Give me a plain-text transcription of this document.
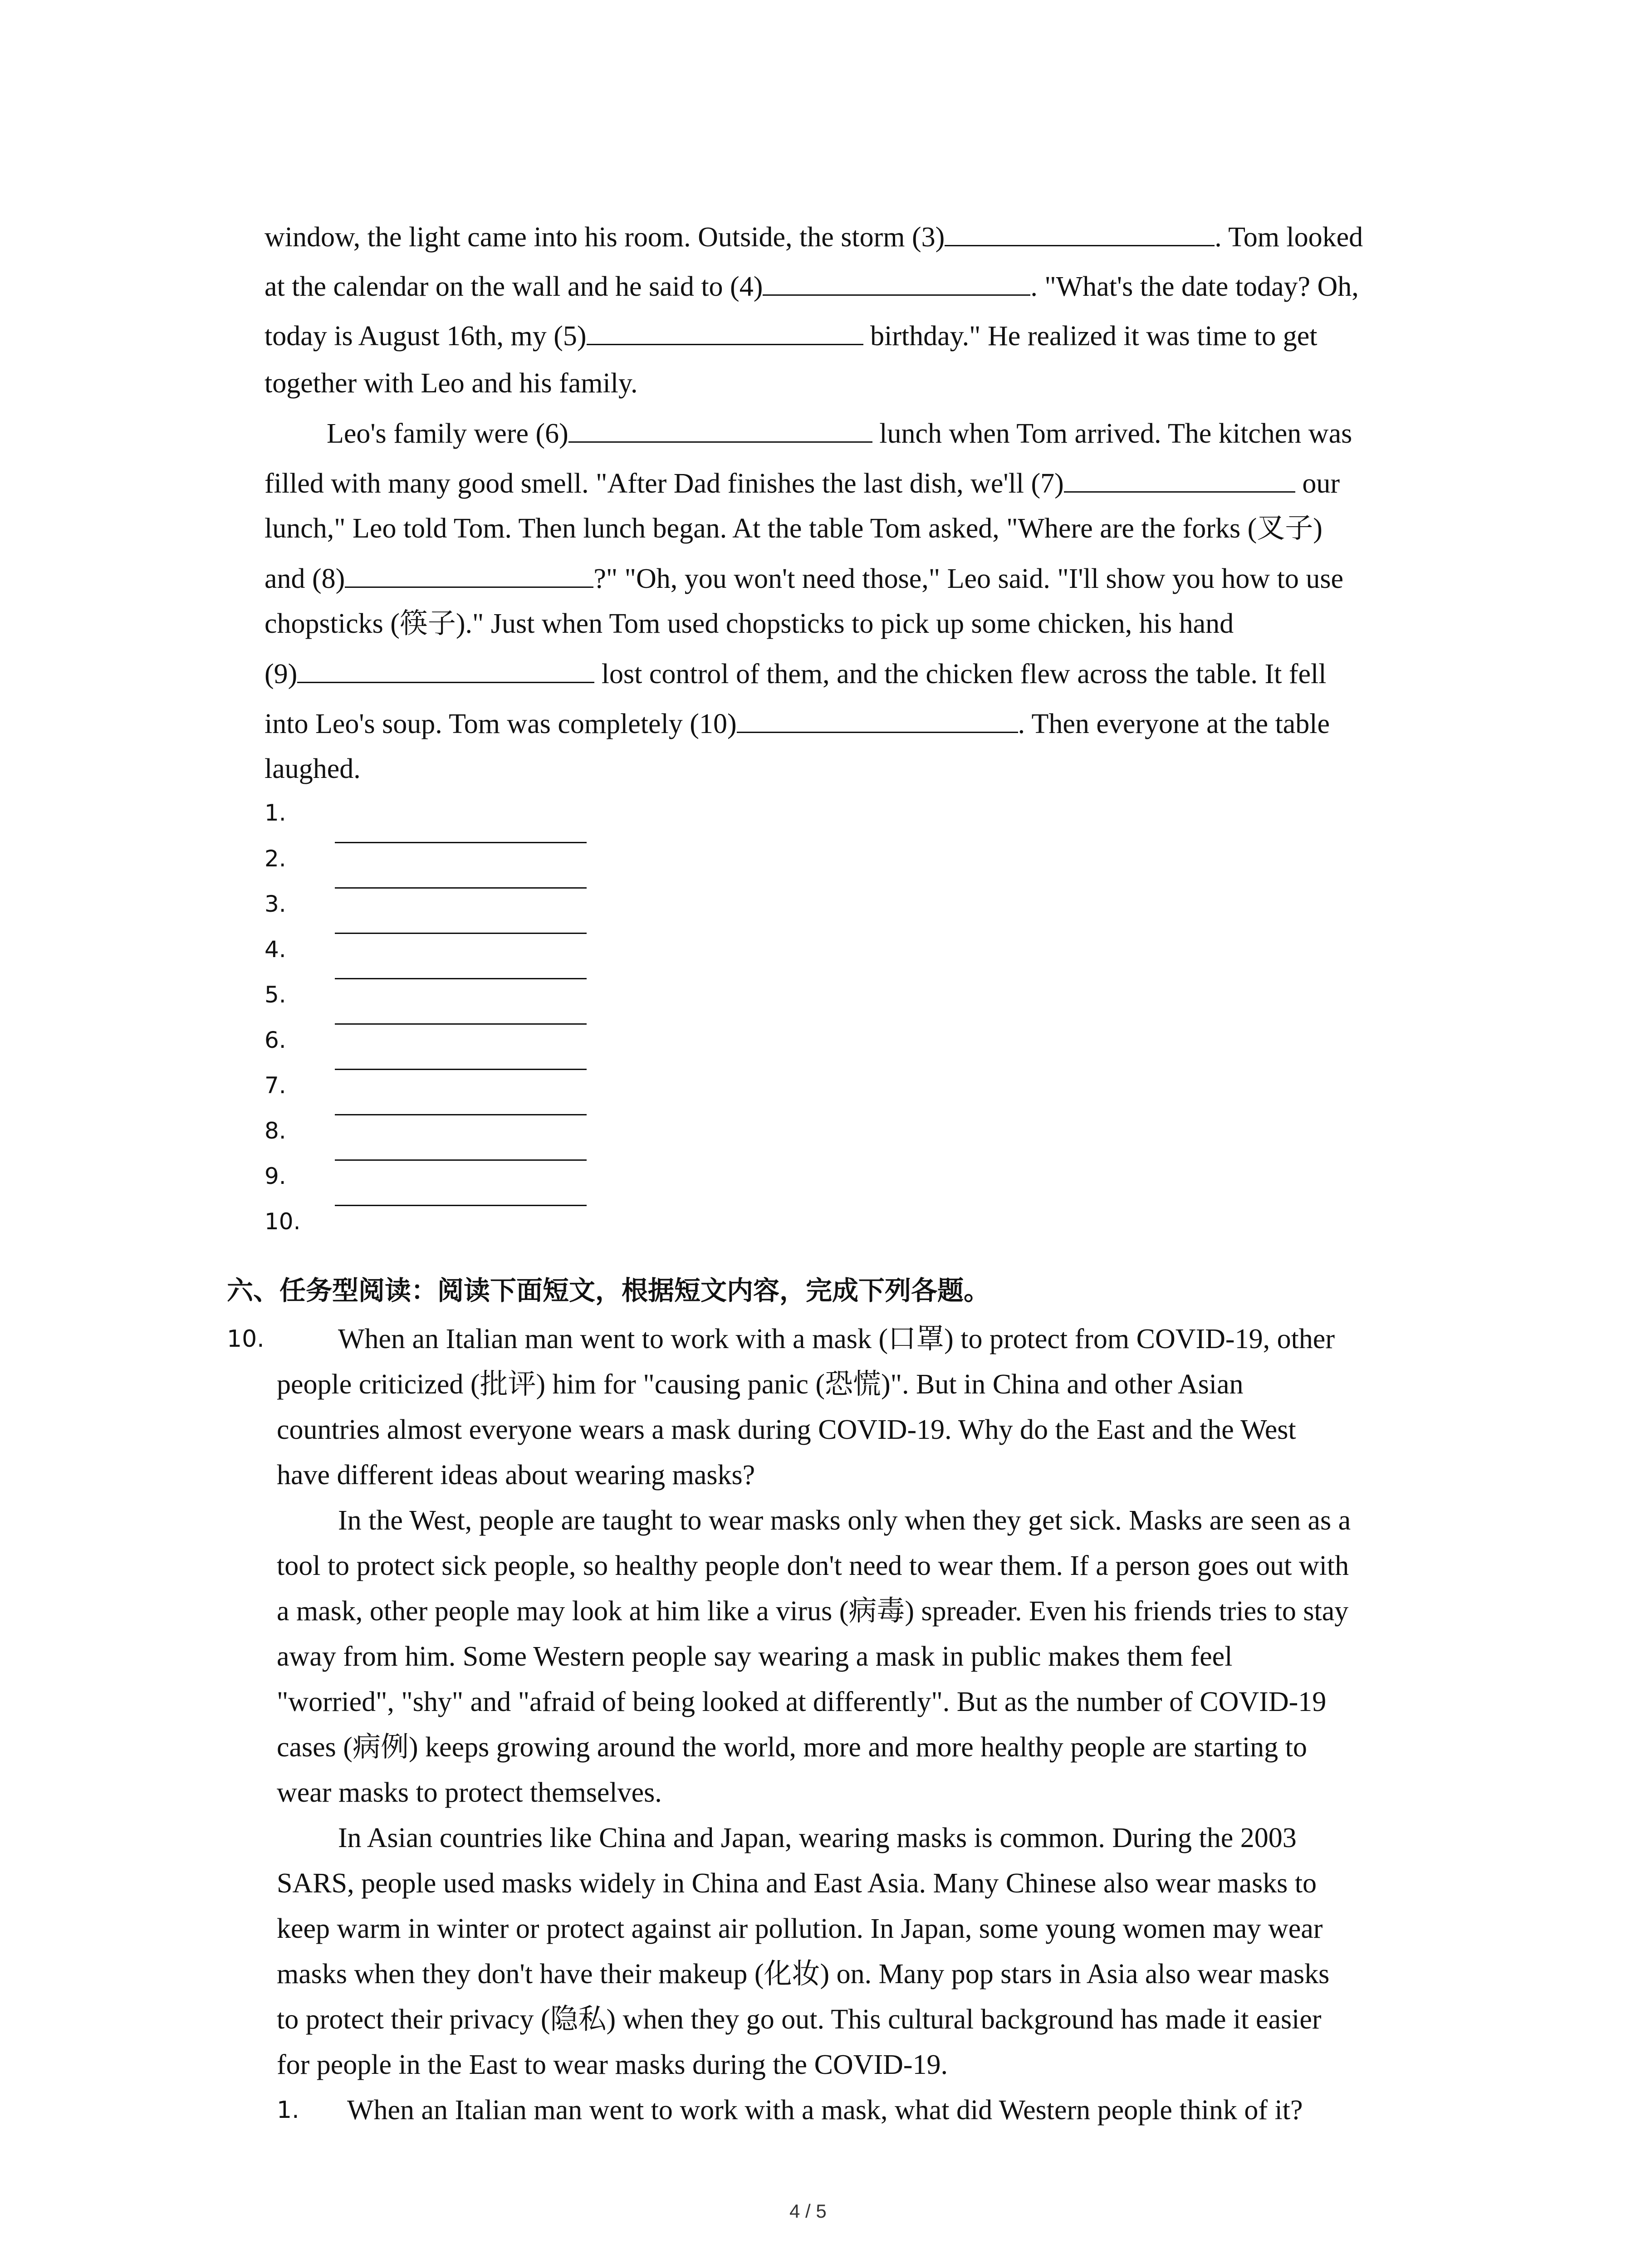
window, the light came into his room. Outside, the storm (3)	. Tom looked
at the calendar on the wall and he said to (4)	. "What's the date today? Oh,
today is August 16th, my (5)	birthday." He realized it was time to get
together with Leo and his family.
Leo's family were (6)	lunch when Tom arrived. The kitchen was
filled with many good smell. "After Dad finishes the last dish, we'll (7)	our
lunch," Leo told Tom. Then lunch began. At the table Tom asked, "Where are the forks (叉子)
and (8)	?" "Oh, you won't need those," Leo said. "I'll show you how to use
chopsticks (筷子)." Just when Tom used chopsticks to pick up some chicken, his hand
(9)	lost control of them, and the chicken flew across the table. It fell
into Leo's soup. Tom was completely (10)	. Then everyone at the table
laughed.
1.
2.
3.
4.
5.
6.
7.
8.
9.
10.
六、任务型阅读：阅读下面短文，根据短文内容，完成下列各题。
10.	When an Italian man went to work with a mask (口罩) to protect from COVID-19, other
people criticized (批评) him for "causing panic (恐慌)". But in China and other Asian
countries almost everyone wears a mask during COVID-19. Why do the East and the West
have different ideas about wearing masks?
In the West, people are taught to wear masks only when they get sick. Masks are seen as a
tool to protect sick people, so healthy people don't need to wear them. If a person goes out with
a mask, other people may look at him like a virus (病毒) spreader. Even his friends tries to stay
away from him. Some Western people say wearing a mask in public makes them feel
"worried", "shy" and "afraid of being looked at differently". But as the number of COVID-19
cases (病例) keeps growing around the world, more and more healthy people are starting to
wear masks to protect themselves.
In Asian countries like China and Japan, wearing masks is common. During the 2003
SARS, people used masks widely in China and East Asia. Many Chinese also wear masks to
keep warm in winter or protect against air pollution. In Japan, some young women may wear
masks when they don't have their makeup (化妆) on. Many pop stars in Asia also wear masks
to protect their privacy (隐私) when they go out. This cultural background has made it easier
for people in the East to wear masks during the COVID-19.
1. When an Italian man went to work with a mask, what did Western people think of it?
4 / 5
